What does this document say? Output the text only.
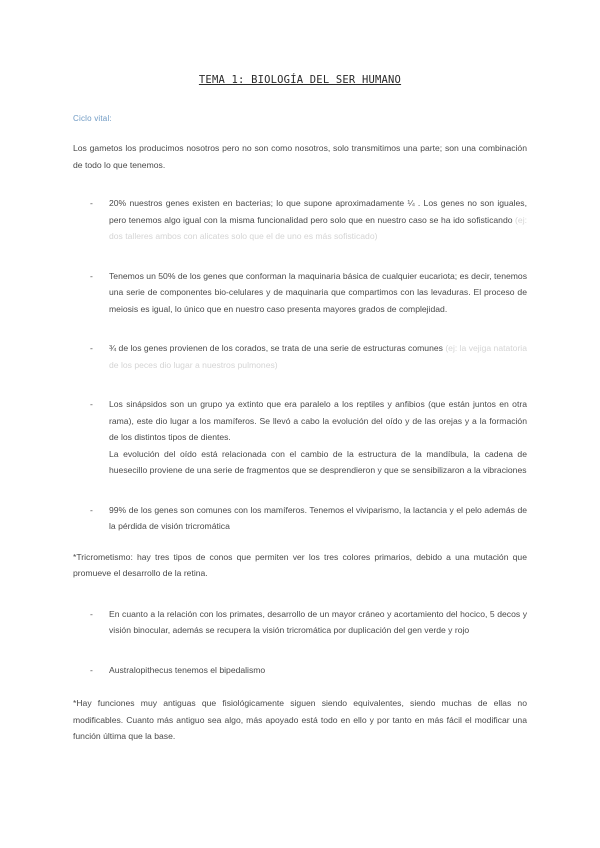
TEMA 1: BIOLOGÍA DEL SER HUMANO
Ciclo vital:

Los gametos los producimos nosotros pero no son como nosotros, solo transmitimos una parte; son una combinación de todo lo que tenemos.

- 20% nuestros genes existen en bacterias; lo que supone aproximadamente ¼ . Los genes no son iguales, pero tenemos algo igual con la misma funcionalidad pero solo que en nuestro caso se ha ido sofisticando (ej: dos talleres ambos con alicates solo que el de uno es más sofisticado)

- Tenemos un 50% de los genes que conforman la maquinaria básica de cualquier eucariota; es decir, tenemos una serie de componentes bio-celulares y de maquinaria que compartimos con las levaduras. El proceso de meiosis es igual, lo único que en nuestro caso presenta mayores grados de complejidad.

- ¾ de los genes provienen de los corados, se trata de una serie de estructuras comunes (ej: la vejiga natatoria de los peces dio lugar a nuestros pulmones)

- Los sinápsidos son un grupo ya extinto que era paralelo a los reptiles y anfibios (que están juntos en otra rama), este dio lugar a los mamíferos. Se llevó a cabo la evolución del oído y de las orejas y a la formación de los distintos tipos de dientes.

La evolución del oído está relacionada con el cambio de la estructura de la mandíbula, la cadena de huesecillo proviene de una serie de fragmentos que se desprendieron y que se sensibilizaron a la vibraciones

- 99% de los genes son comunes con los mamíferos. Tenemos el viviparismo, la lactancia y el pelo además de la pérdida de visión tricromática

*Tricrometismo: hay tres tipos de conos que permiten ver los tres colores primarios, debido a una mutación que promueve el desarrollo de la retina.

- En cuanto a la relación con los primates, desarrollo de un mayor cráneo y acortamiento del hocico, 5 decos y visión binocular, además se recupera la visión tricromática por duplicación del gen verde y rojo

- Australopithecus tenemos el bipedalismo

*Hay funciones muy antiguas que fisiológicamente siguen siendo equivalentes, siendo muchas de ellas no modificables. Cuanto más antiguo sea algo, más apoyado está todo en ello y por tanto en más fácil el modificar una función última que la base.
